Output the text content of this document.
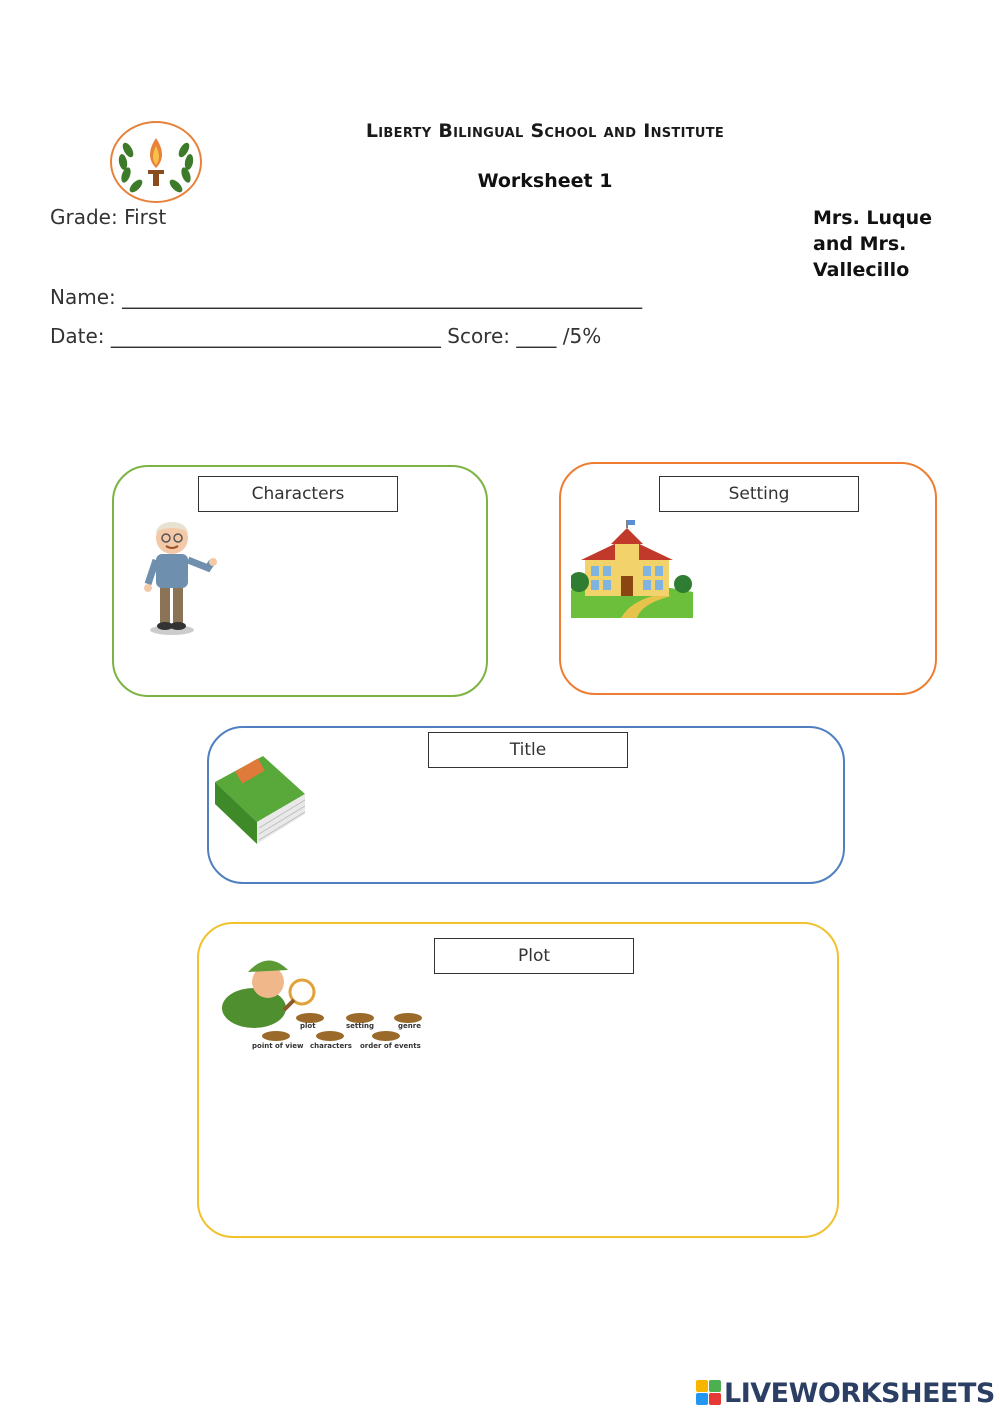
Liberty Bilingual School and Institute
Worksheet 1
Grade: First	Mrs. Luque
and Mrs.
Vallecillo
Name: ____________________________________________________
Date: _________________________________ Score: ____ /5%
Characters	Setting
Title
Plot
plot	setting	genre
point of view characters order of events
LIVEWORKSHEETS
